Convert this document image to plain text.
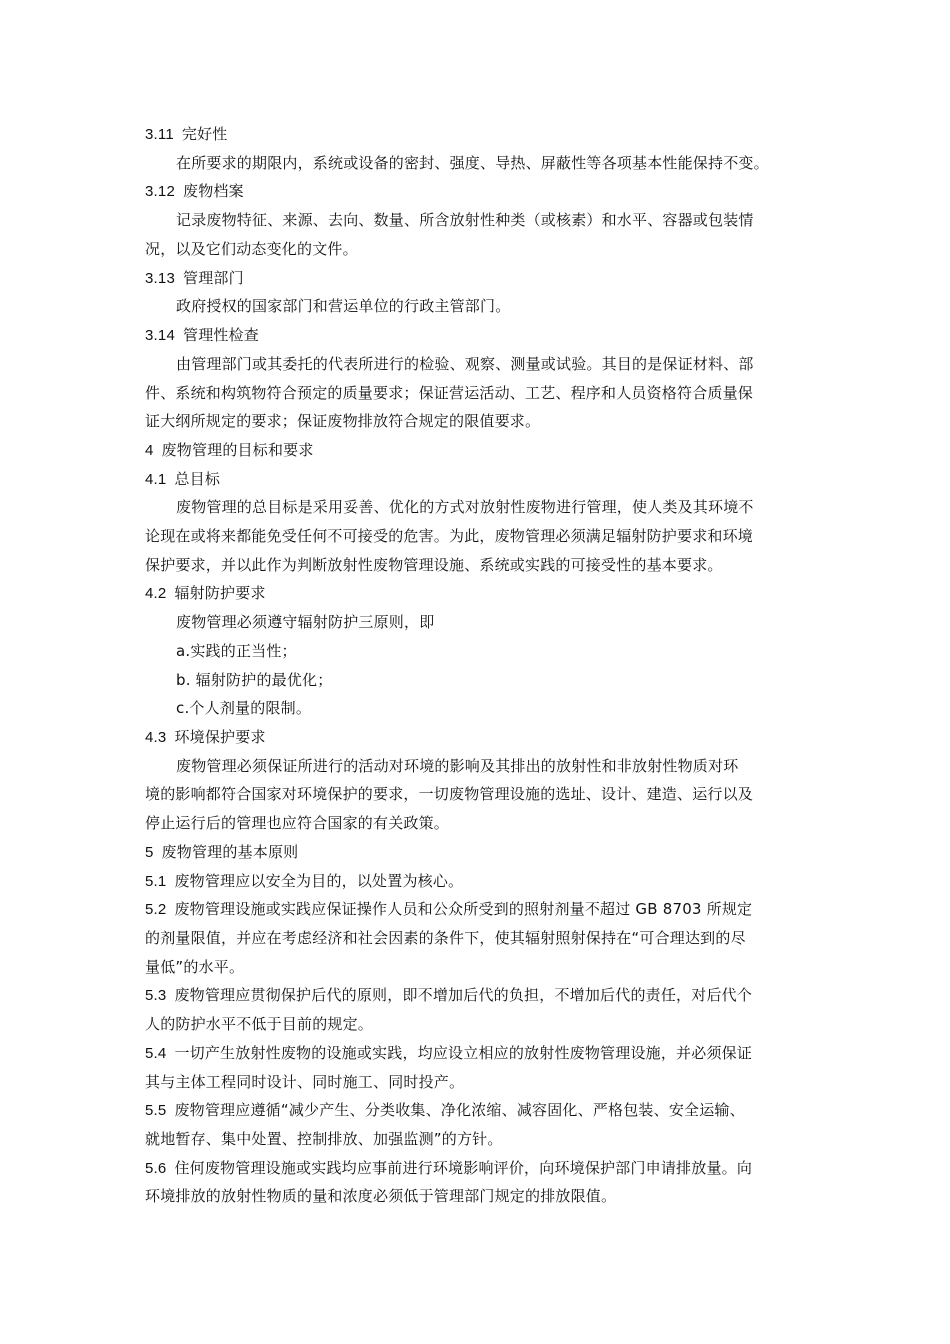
3.11 完好性
在所要求的期限内，系统或设备的密封、强度、导热、屏蔽性等各项基本性能保持不变。
3.12 废物档案
记录废物特征、来源、去向、数量、所含放射性种类（或核素）和水平、容器或包装情
况，以及它们动态变化的文件。
3.13 管理部门
政府授权的国家部门和营运单位的行政主管部门。
3.14 管理性检查
由管理部门或其委托的代表所进行的检验、观察、测量或试验。其目的是保证材料、部
件、系统和构筑物符合预定的质量要求；保证营运活动、工艺、程序和人员资格符合质量保
证大纲所规定的要求；保证废物排放符合规定的限值要求。
4 废物管理的目标和要求
4.1 总目标
废物管理的总目标是采用妥善、优化的方式对放射性废物进行管理，使人类及其环境不
论现在或将来都能免受任何不可接受的危害。为此，废物管理必须满足辐射防护要求和环境
保护要求，并以此作为判断放射性废物管理设施、系统或实践的可接受性的基本要求。
4.2 辐射防护要求
废物管理必须遵守辐射防护三原则，即
a.实践的正当性；
b. 辐射防护的最优化；
c.个人剂量的限制。
4.3 环境保护要求
废物管理必须保证所进行的活动对环境的影响及其排出的放射性和非放射性物质对环
境的影响都符合国家对环境保护的要求，一切废物管理设施的选址、设计、建造、运行以及
停止运行后的管理也应符合国家的有关政策。
5 废物管理的基本原则
5.1 废物管理应以安全为目的，以处置为核心。
5.2 废物管理设施或实践应保证操作人员和公众所受到的照射剂量不超过 GB 8703 所规定
的剂量限值，并应在考虑经济和社会因素的条件下，使其辐射照射保持在“可合理达到的尽
量低”的水平。
5.3 废物管理应贯彻保护后代的原则，即不增加后代的负担，不增加后代的责任，对后代个
人的防护水平不低于目前的规定。
5.4 一切产生放射性废物的设施或实践，均应设立相应的放射性废物管理设施，并必须保证
其与主体工程同时设计、同时施工、同时投产。
5.5 废物管理应遵循“减少产生、分类收集、净化浓缩、减容固化、严格包装、安全运输、
就地暂存、集中处置、控制排放、加强监测”的方针。
5.6 住何废物管理设施或实践均应事前进行环境影响评价，向环境保护部门申请排放量。向
环境排放的放射性物质的量和浓度必须低于管理部门规定的排放限值。
